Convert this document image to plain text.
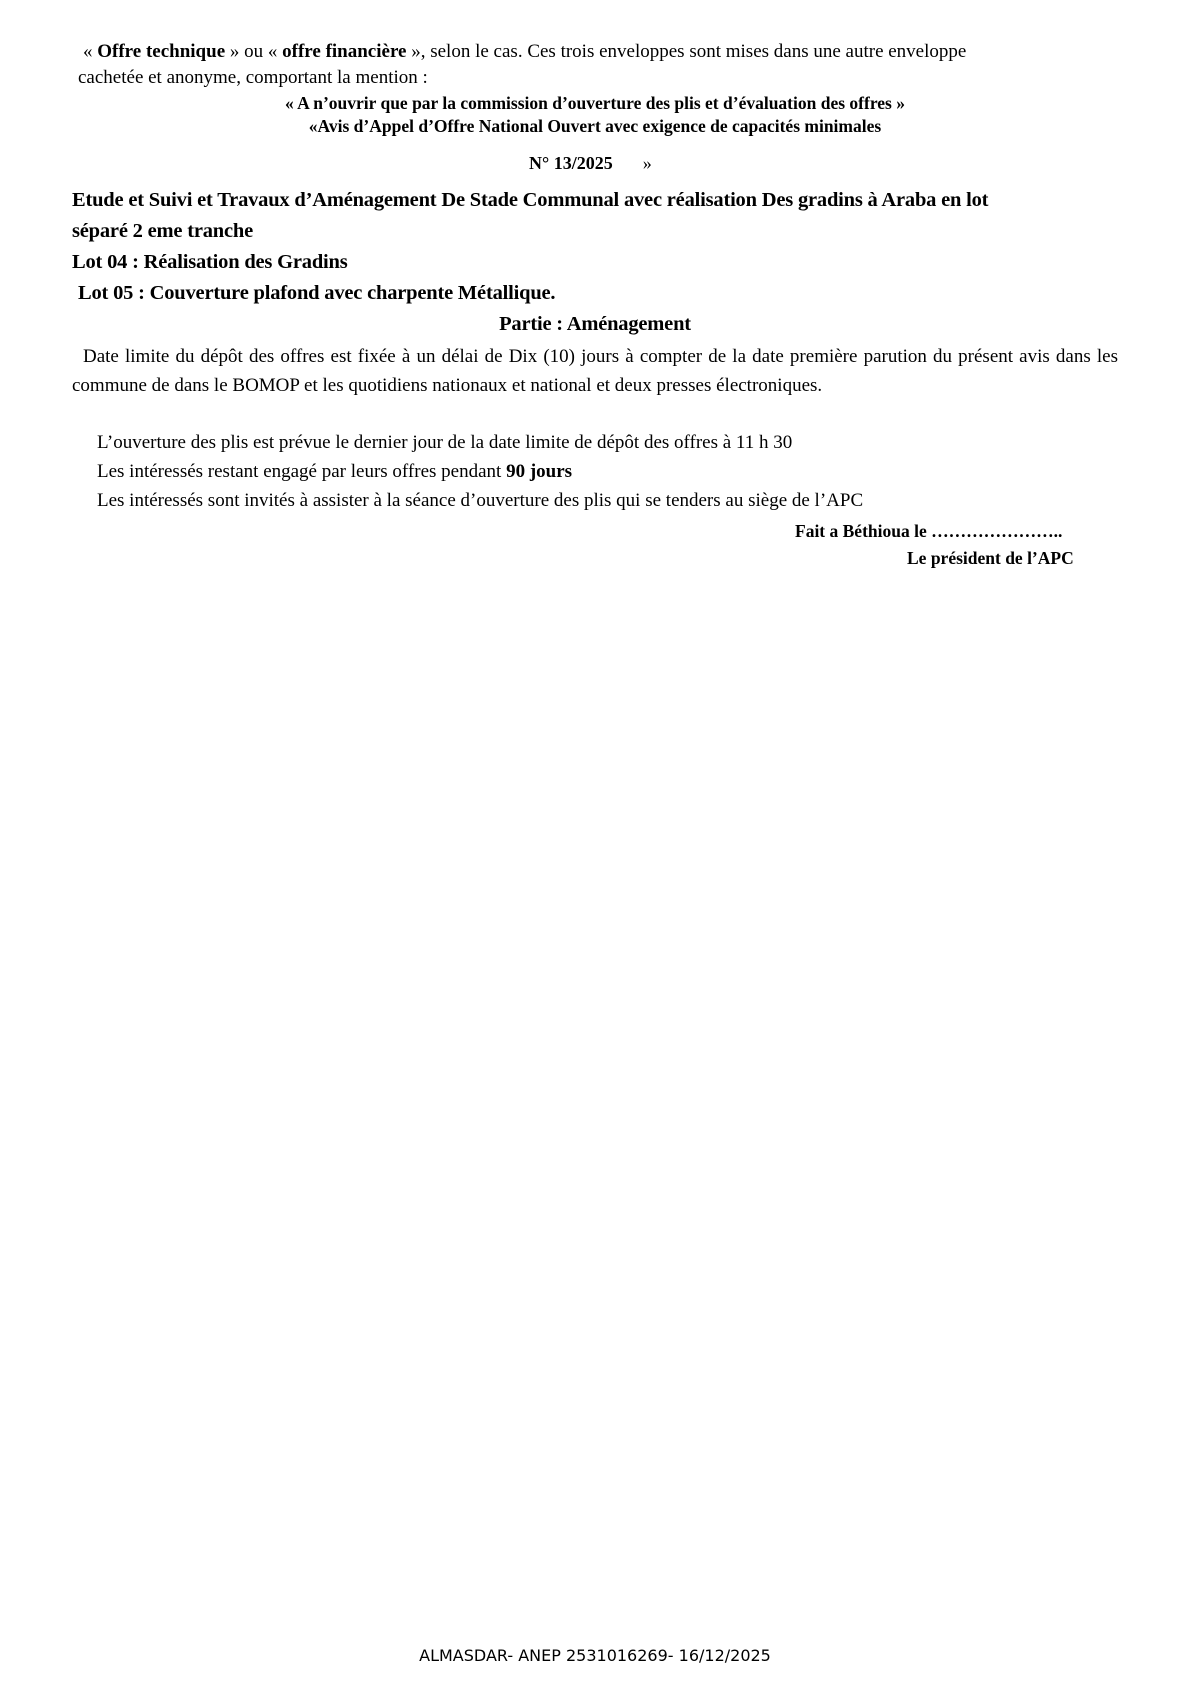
« Offre technique » ou « offre financière », selon le cas. Ces trois enveloppes sont mises dans une autre enveloppe
cachetée et anonyme, comportant la mention :
« A n’ouvrir que par la commission d’ouverture des plis et d’évaluation des offres »
«Avis d’Appel d’Offre National Ouvert avec exigence de capacités minimales
N° 13/2025 »
Etude et Suivi et Travaux d’Aménagement De Stade Communal avec réalisation Des gradins à Araba en lot
séparé 2 eme tranche
Lot 04 : Réalisation des Gradins
Lot 05 : Couverture plafond avec charpente Métallique.
Partie : Aménagement
Date limite du dépôt des offres est fixée à un délai de Dix (10) jours à compter de la date première parution du présent avis dans les commune de dans le BOMOP et les quotidiens nationaux et national et deux presses électroniques.
L’ouverture des plis est prévue le dernier jour de la date limite de dépôt des offres à 11 h 30
Les intéressés restant engagé par leurs offres pendant 90 jours
Les intéressés sont invités à assister à la séance d’ouverture des plis qui se tenders au siège de l’APC
Fait a Béthioua le …………………..
Le président de l’APC
ALMASDAR- ANEP 2531016269- 16/12/2025
